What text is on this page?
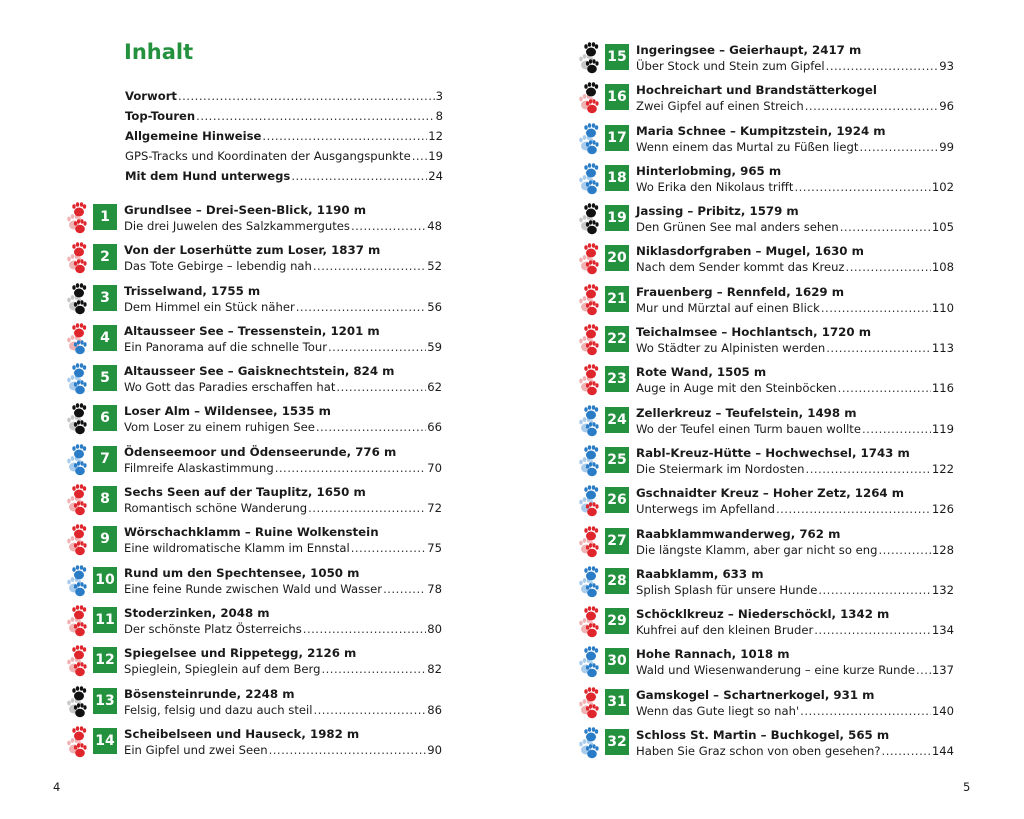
Inhalt
Vorwort . . .	3
Top-Touren . . .	8
Allgemeine Hinweise . . .	12
GPS-Tracks und Koordinaten der Ausgangspunkte . . . 19
Mit dem Hund unterwegs . . .	24
1	Grundlsee – Drei-Seen-Blick, 1190 m
Die drei Juwelen des Salzkammergutes . . .	48
2	Von der Loserhütte zum Loser, 1837 m
Das Tote Gebirge – lebendig nah . . .	52
3	Trisselwand, 1755 m
Dem Himmel ein Stück näher . . .	56
4	Altausseer See – Tressenstein, 1201 m
Ein Panorama auf die schnelle Tour . . .	59
5	Altausseer See – Gaisknechtstein, 824 m
Wo Gott das Paradies erschaffen hat . . .	62
6	Loser Alm – Wildensee, 1535 m
Vom Loser zu einem ruhigen See . . .	66
7	Ödenseemoor und Ödenseerunde, 776 m
Filmreife Alaskastimmung . . .	70
8	Sechs Seen auf der Tauplitz, 1650 m
Romantisch schöne Wanderung . . .	72
9	Wörschachklamm – Ruine Wolkenstein
Eine wildromatische Klamm im Ennstal . . .	75
10 Rund um den Spechtensee, 1050 m
Eine feine Runde zwischen Wald und Wasser . . .	78
11 Stoderzinken, 2048 m
Der schönste Platz Österreichs . . .	80
12 Spiegelsee und Rippetegg, 2126 m
Spieglein, Spieglein auf dem Berg . . .	82
13 Bösensteinrunde, 2248 m
Felsig, felsig und dazu auch steil . . .	86
14 Scheibelseen und Hauseck, 1982 m
Ein Gipfel und zwei Seen . . .	90
4
15 Ingeringsee – Geierhaupt, 2417 m
Über Stock und Stein zum Gipfel . . .	93
16 Hochreichart und Brandstätterkogel
Zwei Gipfel auf einen Streich . . .	96
17 Maria Schnee – Kumpitzstein, 1924 m
Wenn einem das Murtal zu Füßen liegt . . .	99
18 Hinterlobming, 965 m
Wo Erika den Nikolaus trifft . . .	102
19 Jassing – Pribitz, 1579 m
Den Grünen See mal anders sehen . . .	105
20 Niklasdorfgraben – Mugel, 1630 m
Nach dem Sender kommt das Kreuz . . .	108
21 Frauenberg – Rennfeld, 1629 m
Mur und Mürztal auf einen Blick . . .	110
22 Teichalmsee – Hochlantsch, 1720 m
Wo Städter zu Alpinisten werden . . .	113
23 Rote Wand, 1505 m
Auge in Auge mit den Steinböcken . . .	116
24 Zellerkreuz – Teufelstein, 1498 m
Wo der Teufel einen Turm bauen wollte . . .	119
25 Rabl-Kreuz-Hütte – Hochwechsel, 1743 m
Die Steiermark im Nordosten . . .	122
26 Gschnaidter Kreuz – Hoher Zetz, 1264 m
Unterwegs im Apfelland . . .	126
27 Raabklammwanderweg, 762 m
Die längste Klamm, aber gar nicht so eng . . .	128
28 Raabklamm, 633 m
Splish Splash für unsere Hunde . . .	132
29 Schöcklkreuz – Niederschöckl, 1342 m
Kuhfrei auf den kleinen Bruder . . .	134
30 Hohe Rannach, 1018 m
Wald und Wiesenwanderung – eine kurze Runde . . . 137
31 Gamskogel – Schartnerkogel, 931 m
Wenn das Gute liegt so nah' . . .	140
32 Schloss St. Martin – Buchkogel, 565 m
Haben Sie Graz schon von oben gesehen? . . .	144
5
